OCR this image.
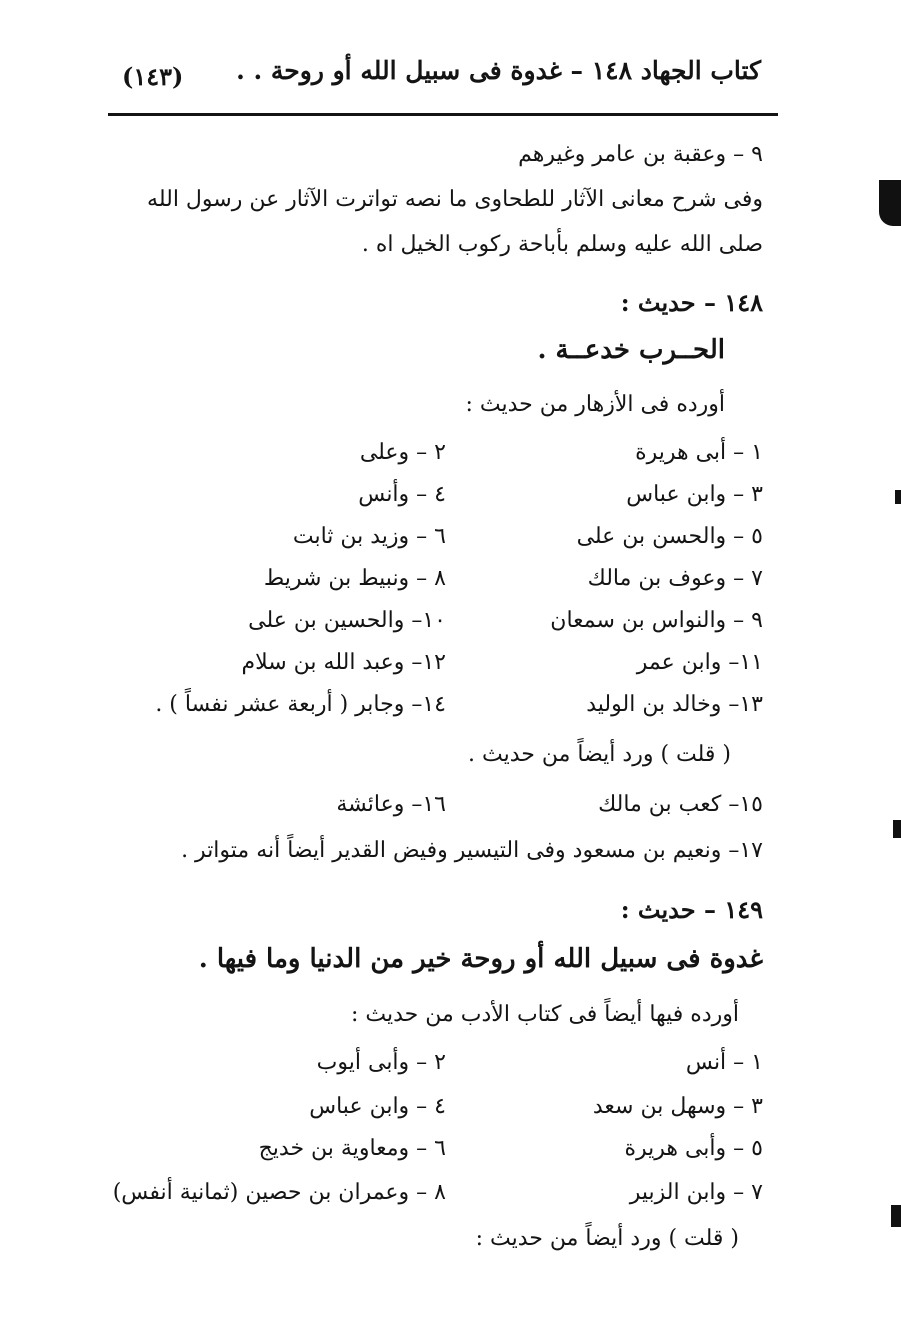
كتاب الجهاد ١٤٨ – غدوة فى سبيل الله أو روحة . .
(١٤٣)
٩ – وعقبة بن عامر وغيرهم
وفى شرح معانى الآثار للطحاوى ما نصه تواترت الآثار عن رسول الله
صلى الله عليه وسلم بأباحة ركوب الخيل اه .
١٤٨ – حديث :
الحــرب خدعــة .
أورده فى الأزهار من حديث :
١ – أبى هريرة
٢ – وعلى
٣ – وابن عباس
٤ – وأنس
٥ – والحسن بن على
٦ – وزيد بن ثابت
٧ – وعوف بن مالك
٨ – ونبيط بن شريط
٩ – والنواس بن سمعان
١٠– والحسين بن على
١١– وابن عمر
١٢– وعبد الله بن سلام
١٣– وخالد بن الوليد
١٤– وجابر ( أربعة عشر نفساً ) .
( قلت ) ورد أيضاً من حديث .
١٥– كعب بن مالك
١٦– وعائشة
١٧– ونعيم بن مسعود وفى التيسير وفيض القدير أيضاً أنه متواتر .
١٤٩ – حديث :
غدوة فى سبيل الله أو روحة خير من الدنيا وما فيها .
أورده فيها أيضاً فى كتاب الأدب من حديث :
١ – أنس
٢ – وأبى أيوب
٣ – وسهل بن سعد
٤ – وابن عباس
٥ – وأبى هريرة
٦ – ومعاوية بن خديج
٧ – وابن الزبير
٨ – وعمران بن حصين (ثمانية أنفس)
( قلت ) ورد أيضاً من حديث :
